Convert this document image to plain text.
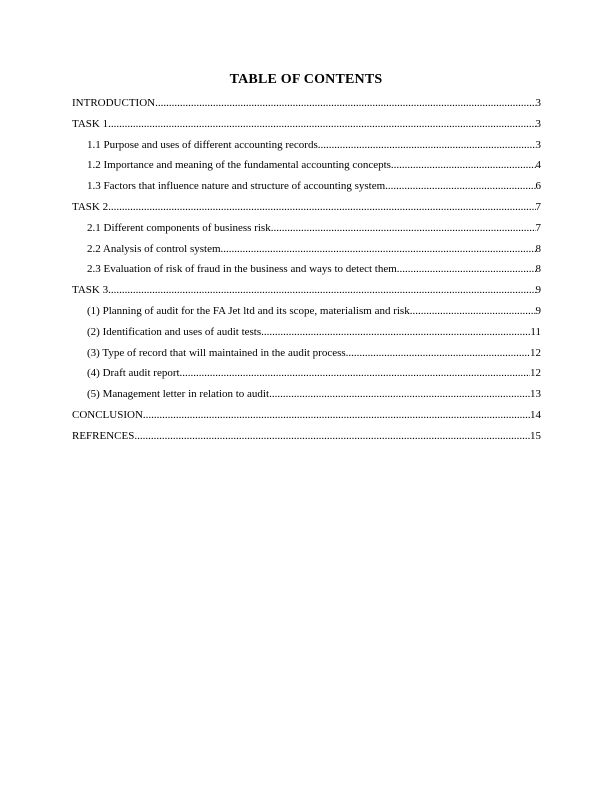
TABLE OF CONTENTS
INTRODUCTION .....	3
TASK 1 .....	3
1.1 Purpose and uses of different accounting records .....	3
1.2 Importance and meaning of the fundamental accounting concepts .....	4
1.3 Factors that influence nature and structure of accounting system .....	6
TASK 2 .....	7
2.1 Different components of business risk .....	7
2.2 Analysis of control system .....	8
2.3 Evaluation of risk of fraud in the business and ways to detect them .....	8
TASK 3 .....	9
(1) Planning of audit for the FA Jet ltd and its scope, materialism and risk .....	9
(2) Identification and uses of audit tests .....	11
(3) Type of record that will maintained in the audit process .....	12
(4) Draft audit report .....	12
(5) Management letter in relation to audit .....	13
CONCLUSION .....	14
REFRENCES .....	15
